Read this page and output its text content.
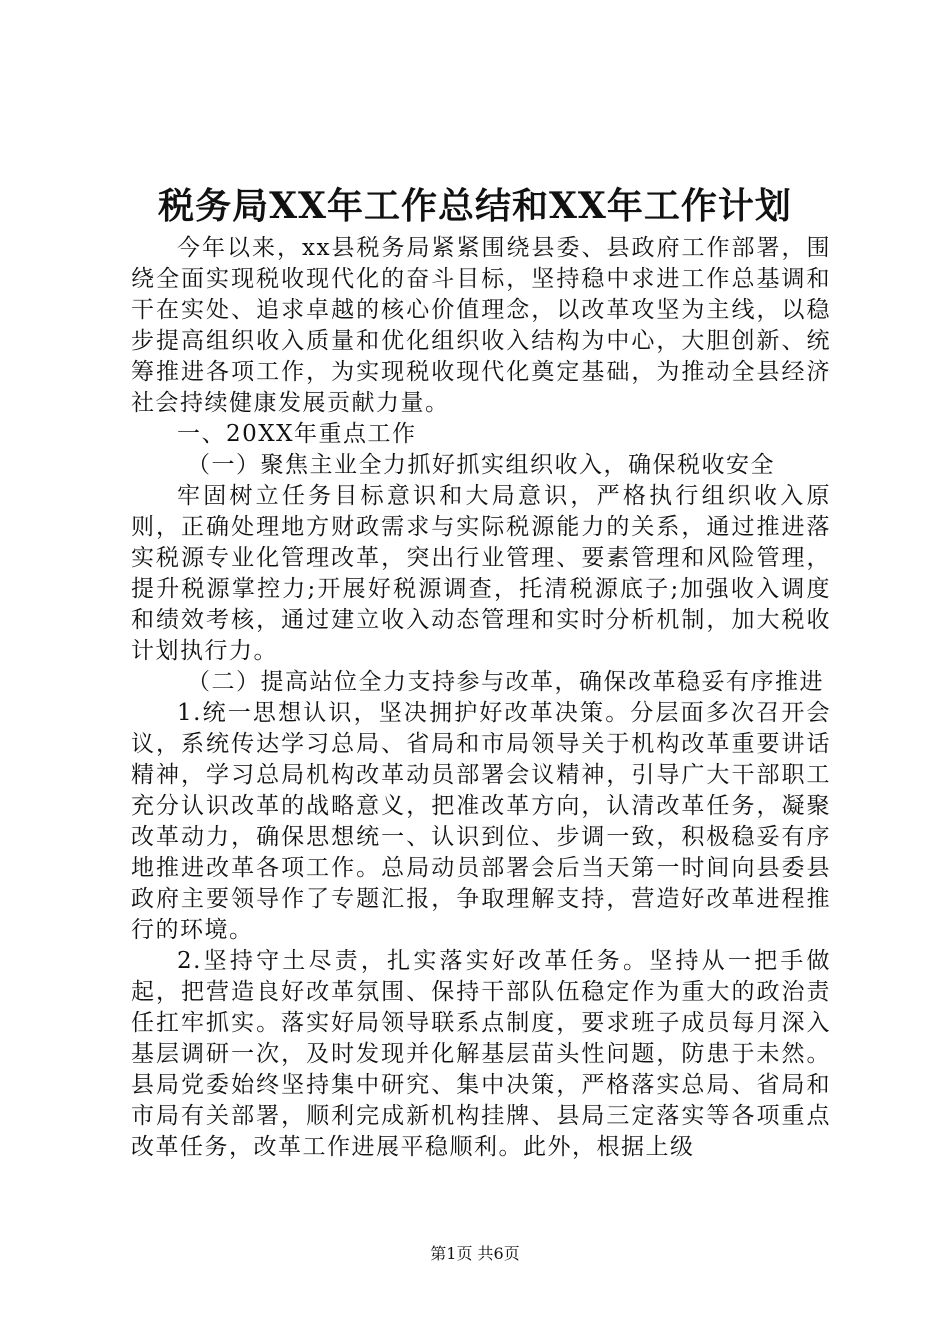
税务局XX年工作总结和XX年工作计划

今年以来，xx县税务局紧紧围绕县委、县政府工作部署，围绕全面实现税收现代化的奋斗目标，坚持稳中求进工作总基调和干在实处、追求卓越的核心价值理念，以改革攻坚为主线，以稳步提高组织收入质量和优化组织收入结构为中心，大胆创新、统筹推进各项工作，为实现税收现代化奠定基础，为推动全县经济社会持续健康发展贡献力量。

一、20XX年重点工作

（一）聚焦主业全力抓好抓实组织收入，确保税收安全

牢固树立任务目标意识和大局意识，严格执行组织收入原则，正确处理地方财政需求与实际税源能力的关系，通过推进落实税源专业化管理改革，突出行业管理、要素管理和风险管理，提升税源掌控力;开展好税源调查，托清税源底子;加强收入调度和绩效考核，通过建立收入动态管理和实时分析机制，加大税收计划执行力。

（二）提高站位全力支持参与改革，确保改革稳妥有序推进

1.统一思想认识，坚决拥护好改革决策。分层面多次召开会议，系统传达学习总局、省局和市局领导关于机构改革重要讲话精神，学习总局机构改革动员部署会议精神，引导广大干部职工充分认识改革的战略意义，把准改革方向，认清改革任务，凝聚改革动力，确保思想统一、认识到位、步调一致，积极稳妥有序地推进改革各项工作。总局动员部署会后当天第一时间向县委县政府主要领导作了专题汇报，争取理解支持，营造好改革进程推行的环境。

2.坚持守土尽责，扎实落实好改革任务。坚持从一把手做起，把营造良好改革氛围、保持干部队伍稳定作为重大的政治责任扛牢抓实。落实好局领导联系点制度，要求班子成员每月深入基层调研一次，及时发现并化解基层苗头性问题，防患于未然。县局党委始终坚持集中研究、集中决策，严格落实总局、省局和市局有关部署，顺利完成新机构挂牌、县局三定落实等各项重点改革任务，改革工作进展平稳顺利。此外，根据上级

第1页 共6页
